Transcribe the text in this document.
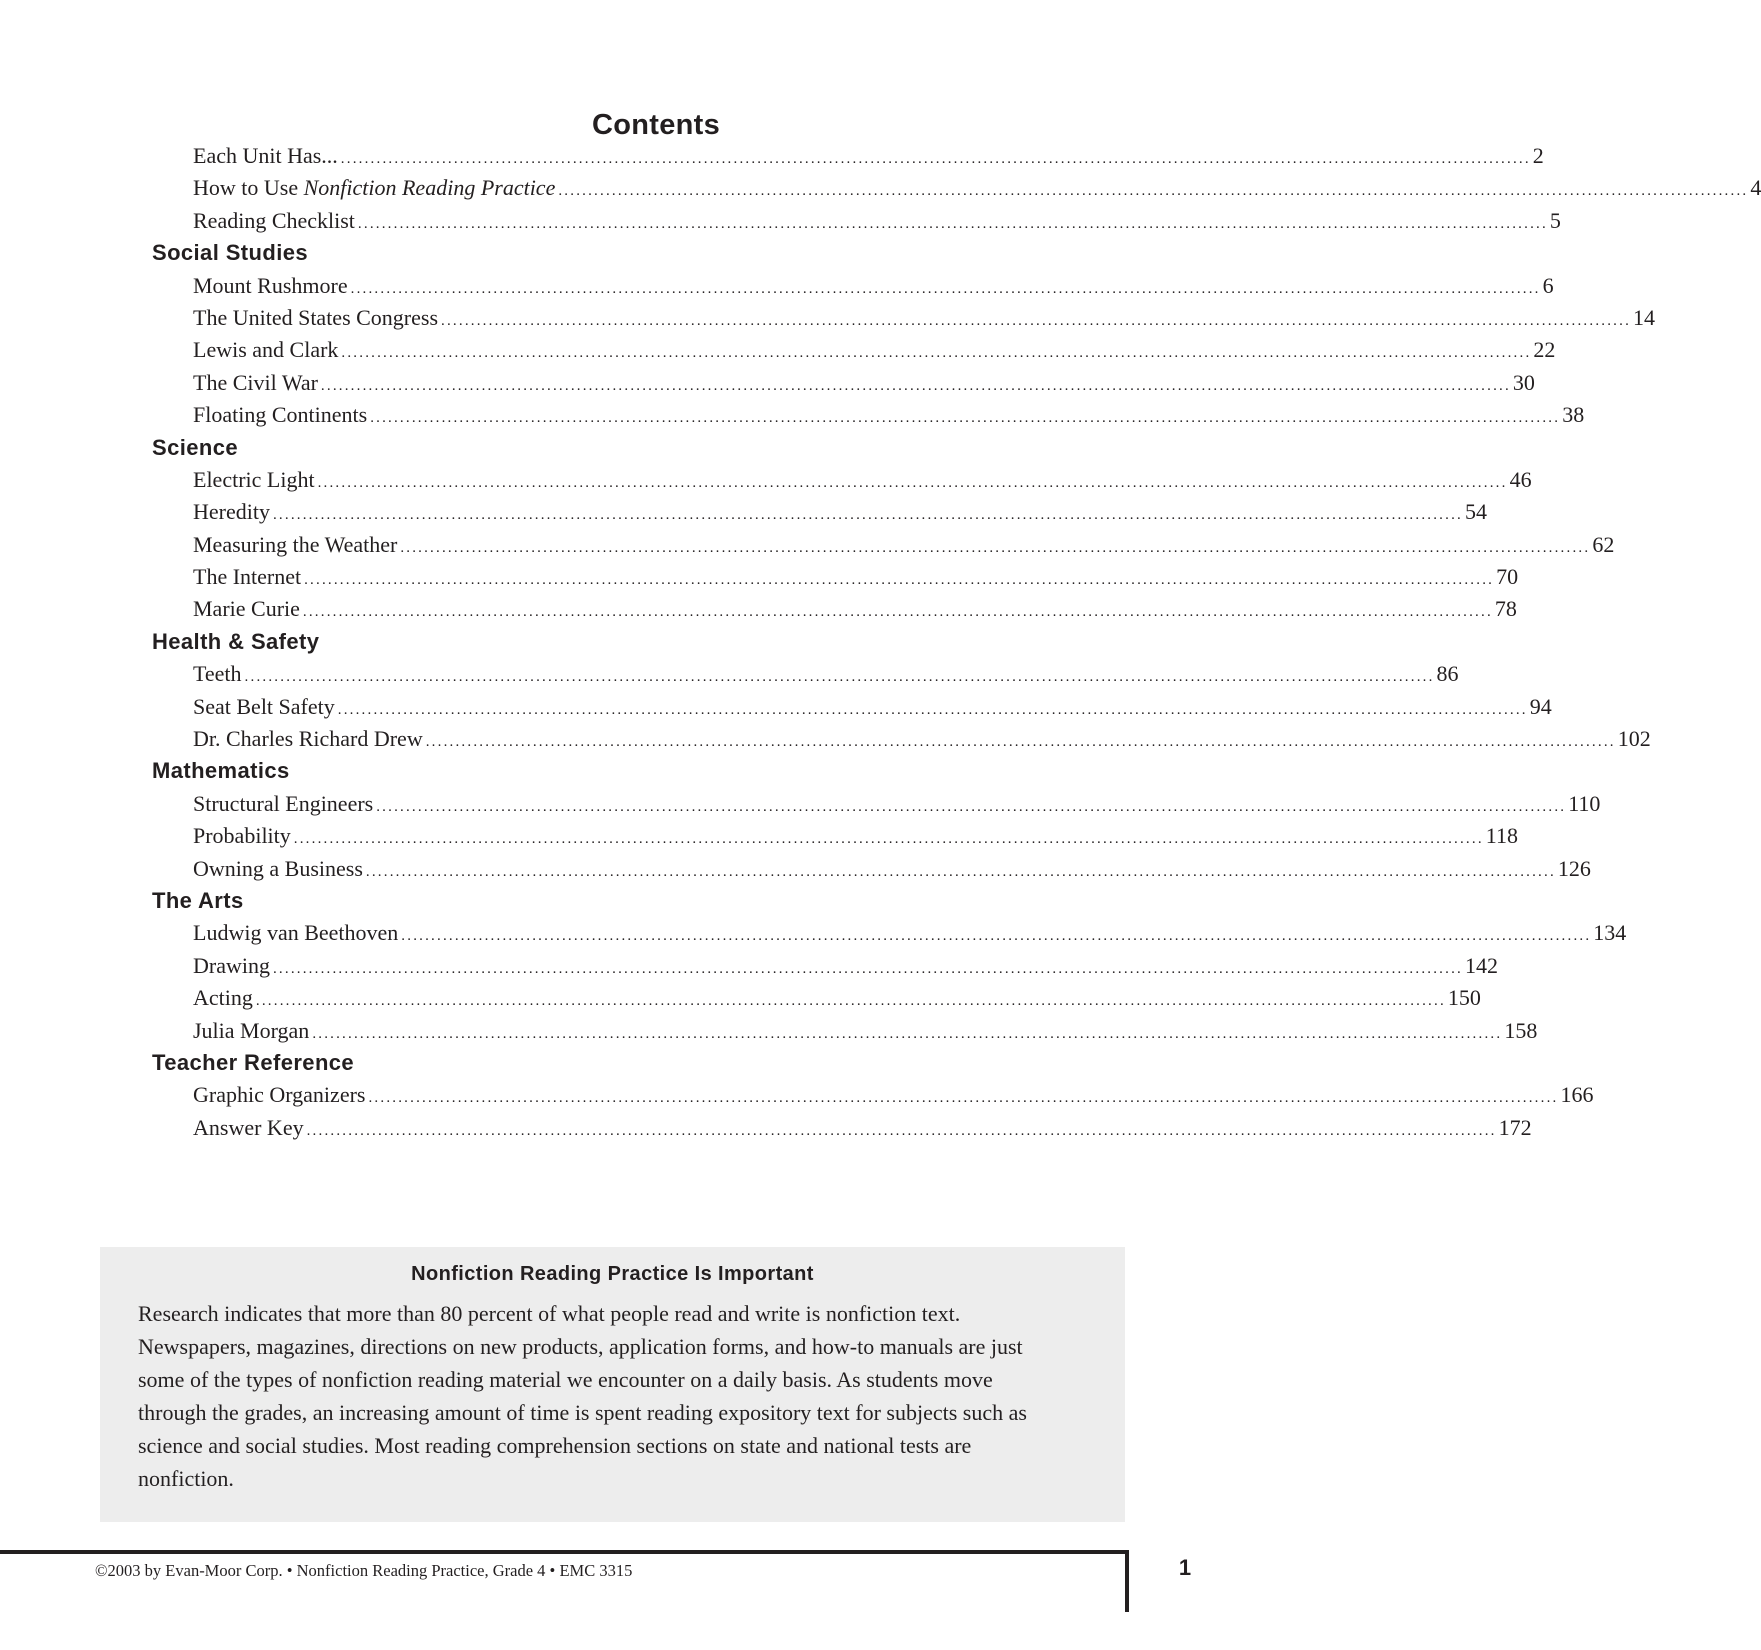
Contents
Each Unit Has... ........................................................................................................................................................................................................ 2
How to Use Nonfiction Reading Practice ........................................................................................................................................................................................................ 4
Reading Checklist ........................................................................................................................................................................................................ 5
Social Studies
Mount Rushmore ........................................................................................................................................................................................................ 6
The United States Congress ........................................................................................................................................................................................................ 14
Lewis and Clark ........................................................................................................................................................................................................ 22
The Civil War ........................................................................................................................................................................................................ 30
Floating Continents ........................................................................................................................................................................................................ 38
Science
Electric Light ........................................................................................................................................................................................................ 46
Heredity ........................................................................................................................................................................................................ 54
Measuring the Weather ........................................................................................................................................................................................................ 62
The Internet ........................................................................................................................................................................................................ 70
Marie Curie ........................................................................................................................................................................................................ 78
Health & Safety
Teeth ........................................................................................................................................................................................................ 86
Seat Belt Safety ........................................................................................................................................................................................................ 94
Dr. Charles Richard Drew ........................................................................................................................................................................................................ 102
Mathematics
Structural Engineers ........................................................................................................................................................................................................ 110
Probability ........................................................................................................................................................................................................ 118
Owning a Business ........................................................................................................................................................................................................ 126
The Arts
Ludwig van Beethoven ........................................................................................................................................................................................................ 134
Drawing ........................................................................................................................................................................................................ 142
Acting ........................................................................................................................................................................................................ 150
Julia Morgan ........................................................................................................................................................................................................ 158
Teacher Reference
Graphic Organizers ........................................................................................................................................................................................................ 166
Answer Key ........................................................................................................................................................................................................ 172
Nonfiction Reading Practice Is Important
Research indicates that more than 80 percent of what people read and write is nonfiction text. Newspapers, magazines, directions on new products, application forms, and how-to manuals are just some of the types of nonfiction reading material we encounter on a daily basis. As students move through the grades, an increasing amount of time is spent reading expository text for subjects such as science and social studies. Most reading comprehension sections on state and national tests are nonfiction.
©2003 by Evan-Moor Corp. • Nonfiction Reading Practice, Grade 4 • EMC 3315	1
